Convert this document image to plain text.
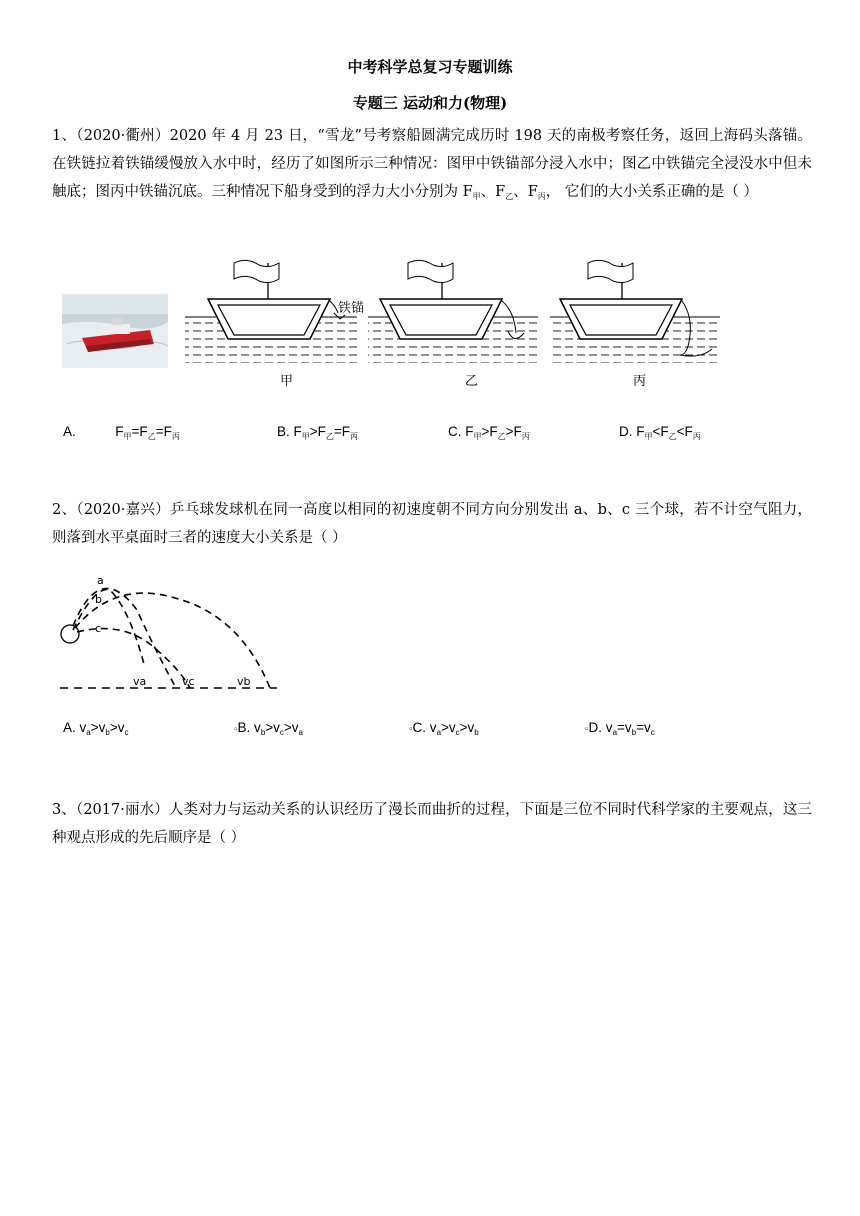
中考科学总复习专题训练
专题三 运动和力(物理)
1、（2020·衢州）2020 年 4 月 23 日，“雪龙”号考察船圆满完成历时 198 天的南极考察任务，返回上海码头落锚。在铁链拉着铁锚缓慢放入水中时，经历了如图所示三种情况：图甲中铁锚部分浸入水中；图乙中铁锚完全浸没水中但未触底；图丙中铁锚沉底。三种情况下船身受到的浮力大小分别为 $F_甲$、$F_乙$、$F_丙$， 它们的大小关系正确的是（ ）
铁锚
甲	乙	丙
A.	$F_甲=F_乙=F_丙$	B. $F_甲>F_乙=F_丙$	C. $F_甲>F_乙>F_丙$	D. $F_甲<F_乙<F_丙$
2、（2020·嘉兴）乒乓球发球机在同一高度以相同的初速度朝不同方向分别发出 a、b、c 三个球，若不计空气阻力，则落到水平桌面时三者的速度大小关系是（ ）
a
b
c
va	vc	vb
A. $v_a>v_b>v_c$	▫B. $v_b>v_c>v_a$	▫C. $v_a>v_c>v_b$	▫D. $v_a=v_b=v_c$
3、（2017·丽水）人类对力与运动关系的认识经历了漫长而曲折的过程，下面是三位不同时代科学家的主要观点，这三种观点形成的先后顺序是（ ）
